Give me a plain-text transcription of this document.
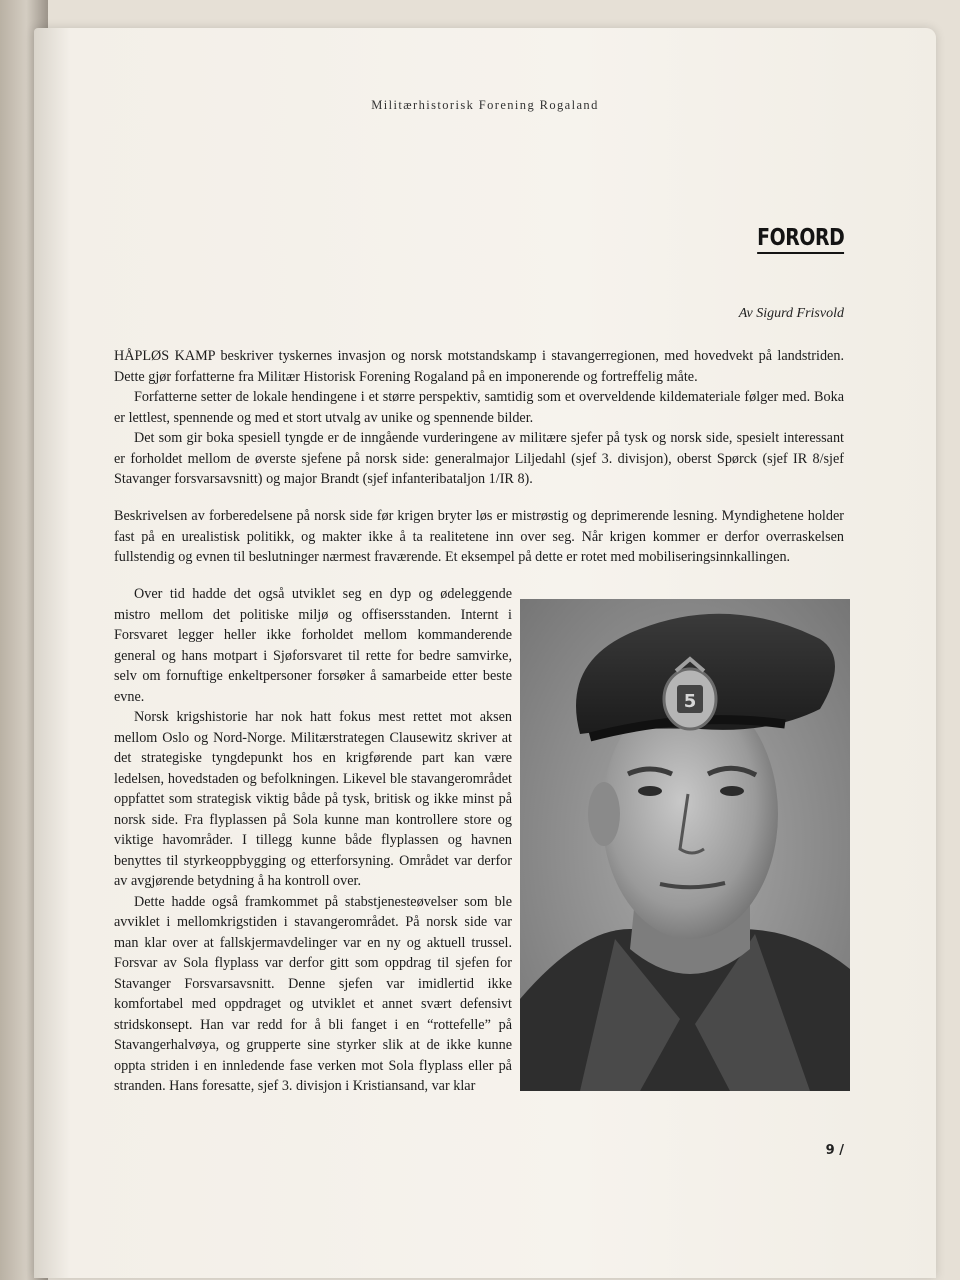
Militærhistorisk Forening Rogaland
FORORD
Av Sigurd Frisvold

HÅPLØS KAMP beskriver tyskernes invasjon og norsk motstandskamp i stavangerregionen, med hovedvekt på landstriden. Dette gjør forfatterne fra Militær Historisk Forening Rogaland på en imponerende og fortreffelig måte.

Forfatterne setter de lokale hendingene i et større perspektiv, samtidig som et overveldende kildemateriale følger med. Boka er lettlest, spennende og med et stort utvalg av unike og spennende bilder.

Det som gir boka spesiell tyngde er de inngående vurderingene av militære sjefer på tysk og norsk side, spesielt interessant er forholdet mellom de øverste sjefene på norsk side: generalmajor Liljedahl (sjef 3. divisjon), oberst Spørck (sjef IR 8/sjef Stavanger forsvarsavsnitt) og major Brandt (sjef infanteribataljon 1/IR 8).

Beskrivelsen av forberedelsene på norsk side før krigen bryter løs er mistrøstig og deprimerende lesning. Myndighetene holder fast på en urealistisk politikk, og makter ikke å ta realitetene inn over seg. Når krigen kommer er derfor overraskelsen fullstendig og evnen til beslutninger nærmest fraværende. Et eksempel på dette er rotet med mobiliseringsinnkallingen.

Over tid hadde det også utviklet seg en dyp og ødeleggende mistro mellom det politiske miljø og offisersstanden. Internt i Forsvaret legger heller ikke forholdet mellom kommanderende general og hans motpart i Sjøforsvaret til rette for bedre samvirke, selv om fornuftige enkeltpersoner forsøker å samarbeide etter beste evne.

Norsk krigshistorie har nok hatt fokus mest rettet mot aksen mellom Oslo og Nord-Norge. Militærstrategen Clausewitz skriver at det strategiske tyngdepunkt hos en krigførende part kan være ledelsen, hovedstaden og befolkningen. Likevel ble stavangerområdet oppfattet som strategisk viktig både på tysk, britisk og ikke minst på norsk side. Fra flyplassen på Sola kunne man kontrollere store og viktige havområder. I tillegg kunne både flyplassen og havnen benyttes til styrkeoppbygging og etterforsyning. Området var derfor av avgjørende betydning å ha kontroll over.

Dette hadde også framkommet på stabstjenesteøvelser som ble avviklet i mellomkrigstiden i stavangerområdet. På norsk side var man klar over at fallskjermavdelinger var en ny og aktuell trussel. Forsvar av Sola flyplass var derfor gitt som oppdrag til sjefen for Stavanger Forsvarsavsnitt. Denne sjefen var imidlertid ikke komfortabel med oppdraget og utviklet et annet svært defensivt stridskonsept. Han var redd for å bli fanget i en “rottefelle” på Stavangerhalvøya, og grupperte sine styrker slik at de ikke kunne oppta striden i en innledende fase verken mot Sola flyplass eller på stranden. Hans foresatte, sjef 3. divisjon i Kristiansand, var klar

5
9 /
